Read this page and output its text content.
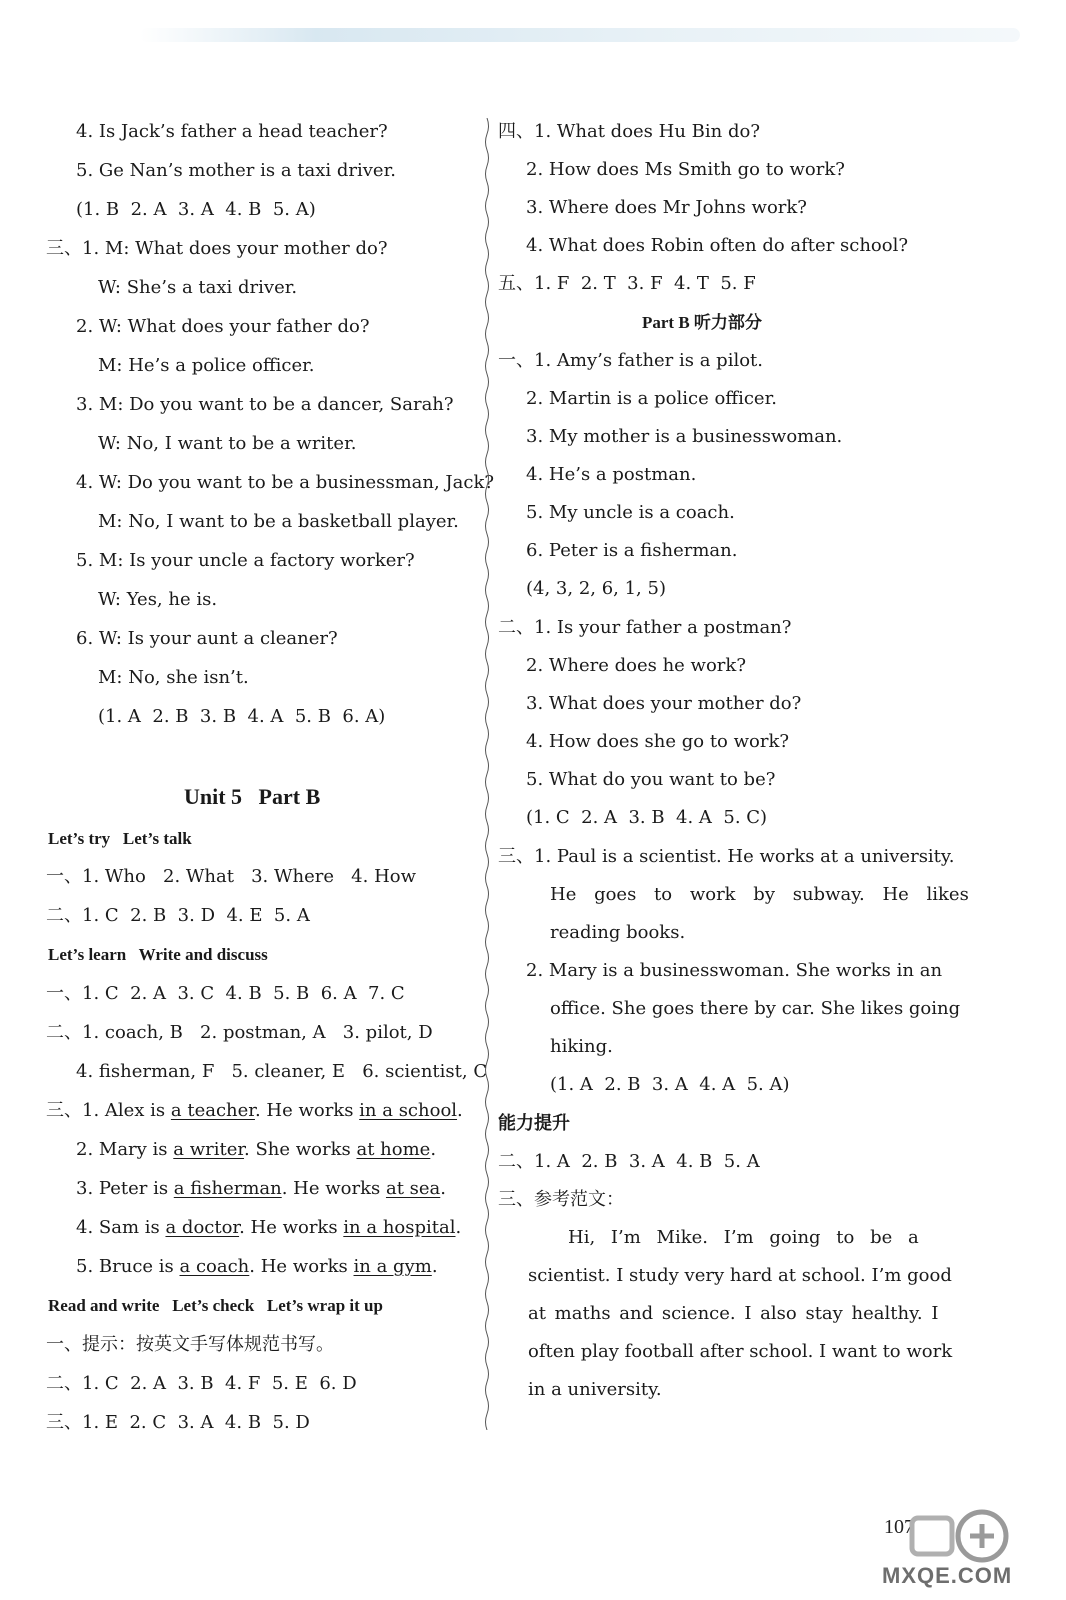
4. Is Jack’s father a head teacher?
5. Ge Nan’s mother is a taxi driver.
(1. B  2. A  3. A  4. B  5. A)
三、1. M: What does your mother do?
W: She’s a taxi driver.
2. W: What does your father do?
M: He’s a police officer.
3. M: Do you want to be a dancer, Sarah?
W: No, I want to be a writer.
4. W: Do you want to be a businessman, Jack?
M: No, I want to be a basketball player.
5. M: Is your uncle a factory worker?
W: Yes, he is.
6. W: Is your aunt a cleaner?
M: No, she isn’t.
(1. A  2. B  3. B  4. A  5. B  6. A)
Unit 5   Part B
Let’s try   Let’s talk
一、1. Who   2. What   3. Where   4. How
二、1. C  2. B  3. D  4. E  5. A
Let’s learn   Write and discuss
一、1. C  2. A  3. C  4. B  5. B  6. A  7. C
二、1. coach, B   2. postman, A   3. pilot, D
4. fisherman, F   5. cleaner, E   6. scientist, C
三、1. Alex is a teacher. He works in a school.
2. Mary is a writer. She works at home.
3. Peter is a fisherman. He works at sea.
4. Sam is a doctor. He works in a hospital.
5. Bruce is a coach. He works in a gym.
Read and write   Let’s check   Let’s wrap it up
一、提示：按英文手写体规范书写。
二、1. C  2. A  3. B  4. F  5. E  6. D
三、1. E  2. C  3. A  4. B  5. D
四、1. What does Hu Bin do?
2. How does Ms Smith go to work?
3. Where does Mr Johns work?
4. What does Robin often do after school?
五、1. F  2. T  3. F  4. T  5. F
Part B 听力部分
一、1. Amy’s father is a pilot.
2. Martin is a police officer.
3. My mother is a businesswoman.
4. He’s a postman.
5. My uncle is a coach.
6. Peter is a fisherman.
(4, 3, 2, 6, 1, 5)
二、1. Is your father a postman?
2. Where does he work?
3. What does your mother do?
4. How does she go to work?
5. What do you want to be?
(1. C  2. A  3. B  4. A  5. C)
三、1. Paul is a scientist. He works at a university.
He goes to work by subway. He likes
reading books.
2. Mary is a businesswoman. She works in an
office. She goes there by car. She likes going
hiking.
(1. A  2. B  3. A  4. A  5. A)
能力提升
二、1. A  2. B  3. A  4. B  5. A
三、参考范文：
Hi, I’m Mike. I’m going to be a
scientist. I study very hard at school. I’m good
at maths and science. I also stay healthy. I
often play football after school. I want to work
in a university.
107
MXQE.COM
